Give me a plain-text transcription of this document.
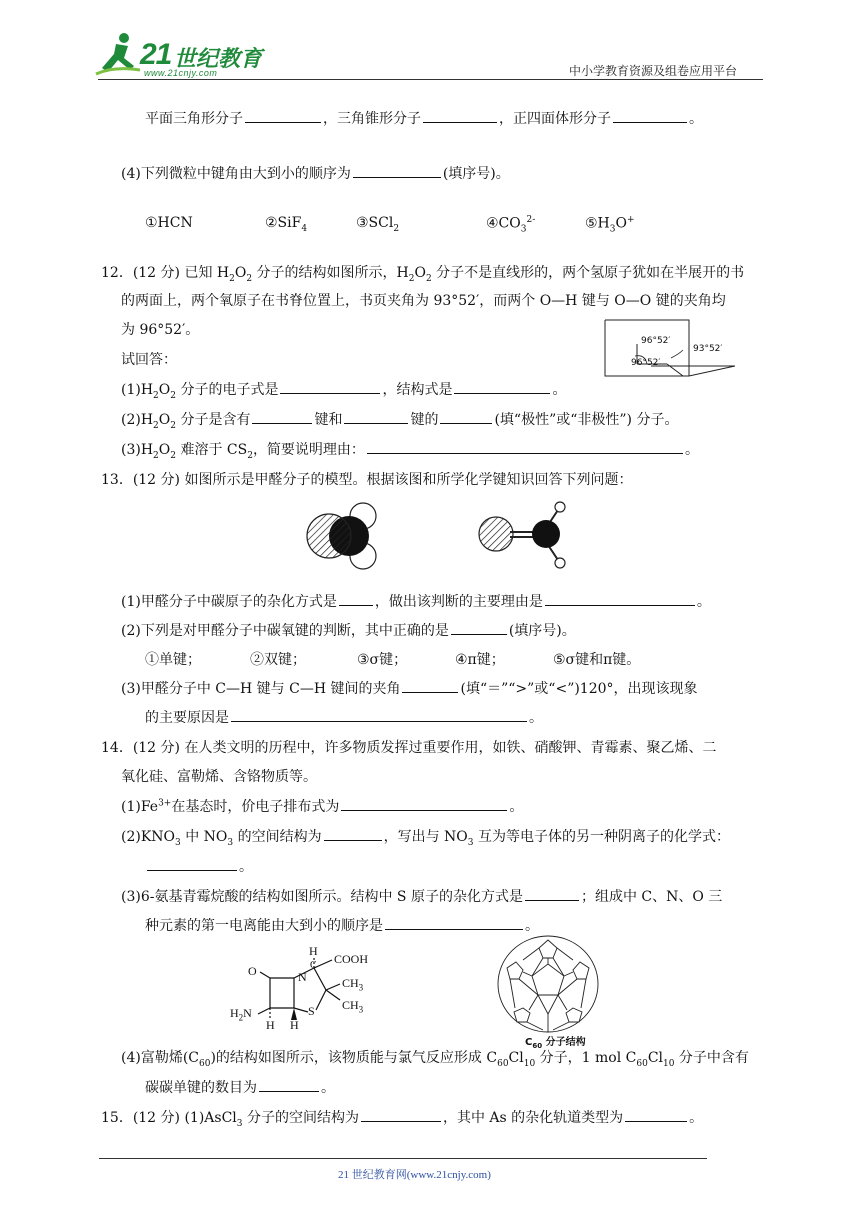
21 世纪教育
www.21cnjy.com	中小学教育资源及组卷应用平台
平面三角形分子	，三角锥形分子	，正四面体形分子	。
(4)下列微粒中键角由大到小的顺序为	(填序号)。
①HCN	②SiF$_4$	③SCl$_2$	$④CO_3^{2-}$	$⑤H_3O^+$
12．(12 分) 已知 $H_2O_2$ 分子的结构如图所示，$H_2O_2$ 分子不是直线形的，两个氢原子犹如在半展开的书
的两面上，两个氧原子在书脊位置上，书页夹角为 93°52′，而两个 O—H 键与 O—O 键的夹角均
为 96°52′。
试回答：
$(1)H_2O_2$ 分子的电子式是	，结构式是	。
$(2)H_2O_2$ 分子是含有	键和	键的	(填“极性”或“非极性”) 分子。
$(3)H_2O_2$ 难溶于 $CS_2$，简要说明理由：	。
96°52′
93°52′
96°52′
13．(12 分) 如图所示是甲醛分子的模型。根据该图和所学化学键知识回答下列问题：
(1)甲醛分子中碳原子的杂化方式是	，做出该判断的主要理由是	。
(2)下列是对甲醛分子中碳氧键的判断，其中正确的是	(填序号)。
①单键；	②双键；	③σ键；	④π键；	⑤σ键和π键。
(3)甲醛分子中 C—H 键与 C—H 键间的夹角	(填“＝”“>”或“<”)120°，出现该现象
的主要原因是	。
14．(12 分) 在人类文明的历程中，许多物质发挥过重要作用，如铁、硝酸钾、青霉素、聚乙烯、二
氧化硅、富勒烯、含铬物质等。
$(1)Fe^{3+}$在基态时，价电子排布式为	。
$(2)KNO_3$ 中 $NO_3$ 的空间结构为	，写出与 $NO_3$ 互为等电子体的另一种阴离子的化学式：
。
(3)6-氨基青霉烷酸的结构如图所示。结构中 S 原子的杂化方式是	；组成中 C、N、O 三
种元素的第一电离能由大到小的顺序是	。
H
COOH
O	N
C
$CH_3$
$CH_3$
$H_2N$	S
H H
$C_{60}$ 分子结构
(4)富勒烯$(C_{60})$的结构如图所示，该物质能与氯气反应形成 $C_{60}Cl_{10}$ 分子，1 mol $C_{60}Cl_{10}$ 分子中含有
碳碳单键的数目为	。
15．(12 分) (1)AsCl$_3$ 分子的空间结构为	，其中 As 的杂化轨道类型为	。
21 世纪教育网(www.21cnjy.com)
